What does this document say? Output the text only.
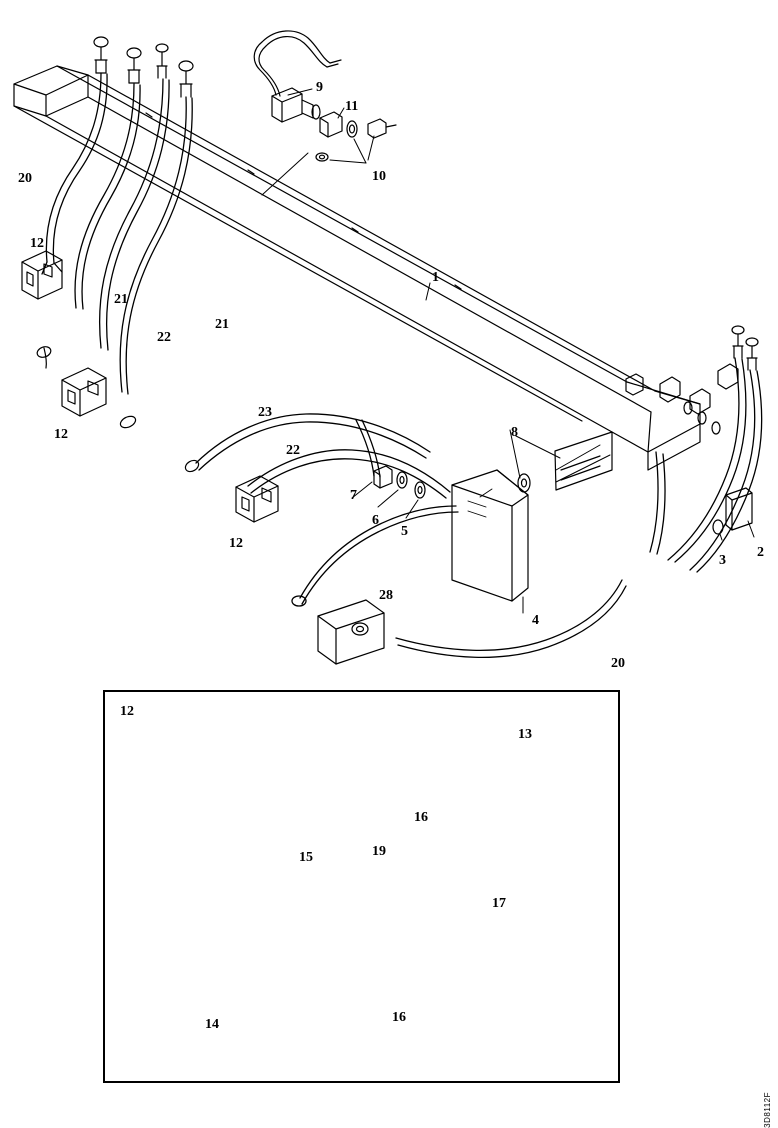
20
12
21
22
21
12
9
11
10
1
23
22
7
6
5
8
12
28
4
20
2
3
12
13
16
17
15	19
14	16
3D8112F
